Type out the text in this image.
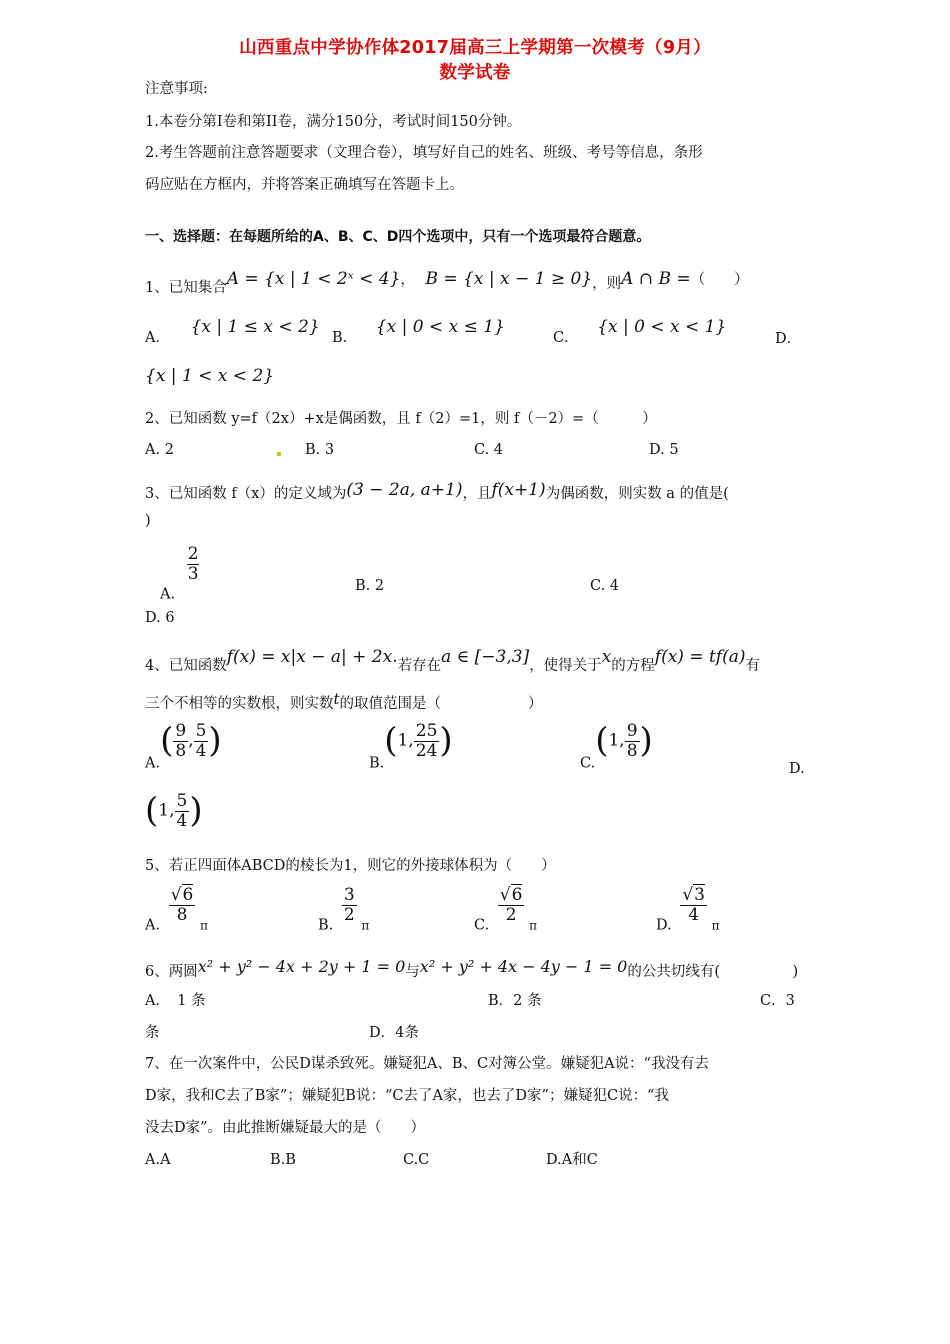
山西重点中学协作体2017届高三上学期第一次模考（9月）
数学试卷
注意事项:
1.本卷分第Ⅰ卷和第II卷，满分150分，考试时间150分钟。
2.考生答题前注意答题要求（文理合卷），填写好自己的姓名、班级、考号等信息，条形
码应贴在方框内，并将答案正确填写在答题卡上。
一、选择题：在每题所给的A、B、C、D四个选项中，只有一个选项最符合题意。
1、已知集合A = {x | 1 < 2ˣ < 4}， B = {x | x − 1 ≥ 0}，则A ∩ B =（　　）
A． {x | 1 ≤ x < 2}
B． {x | 0 < x ≤ 1}
C． {x | 0 < x < 1}
D．
{x | 1 < x < 2}
2、已知函数 y=f（2x）+x是偶函数，且 f（2）=1，则 f（－2）=（　　　）
A. 2	B. 3	C. 4	D. 5
3、已知函数 f（x）的定义域为(3 − 2a, a+1)，且f(x+1)为偶函数，则实数 a 的值是(
)
A.
$\frac{2}{3}$
B. 2	C. 4
D. 6
4、已知函数f(x) = x|x − a| + 2x.若存在a ∈ [−3,3]，使得关于x的方程f(x) = tf(a)有
三个不相等的实数根，则实数t的取值范围是（　　　　　　）
$A.( \frac{9}{8}$ , $\frac{5}{4}$ )
B.(1, $\frac{25}{24}$ )
C.(1, $\frac{9}{8}$ )
D.
(1, $\frac{5}{4}$ )
5、若正四面体ABCD的棱长为1，则它的外接球体积为（　　）
A.
$\frac{√6}{8}$
$_\pi$	B.
$\frac{3}{2}$
$_\pi$	C.
$\frac{√6}{2}$
$_\pi$	D.
$\frac{√3}{4}$
$_\pi$
6、两圆x² + y² − 4x + 2y + 1 = 0与x² + y² + 4x − 4y − 1 = 0的公共切线有(　　　　　)
A．　1 条	B．2 条	C．3
条	D．4条
7、在一次案件中，公民D谋杀致死。嫌疑犯A、B、C对簿公堂。嫌疑犯A说：“我没有去
D家，我和C去了B家”；嫌疑犯B说：“C去了A家，也去了D家”；嫌疑犯C说：“我
没去D家”。由此推断嫌疑最大的是（　　）
A.A	B.B	C.C	D.A和C
